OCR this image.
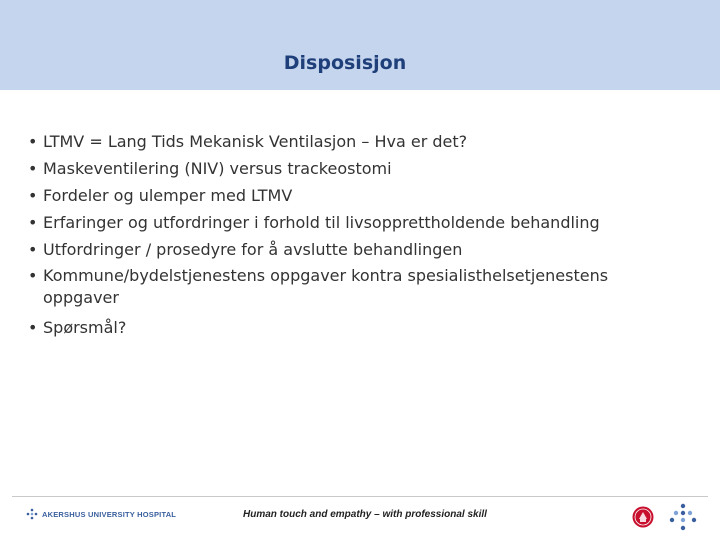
Disposisjon
• LTMV = Lang Tids Mekanisk Ventilasjon – Hva er det?
• Maskeventilering (NIV) versus trackeostomi
• Fordeler og ulemper med LTMV
• Erfaringer og utfordringer i forhold til livsopprettholdende behandling
• Utfordringer / prosedyre for å avslutte behandlingen
• Kommune/bydelstjenestens oppgaver kontra spesialisthelsetjenestens oppgaver
• Spørsmål?
AKERSHUS UNIVERSITY HOSPITAL	Human touch and empathy – with professional skill
